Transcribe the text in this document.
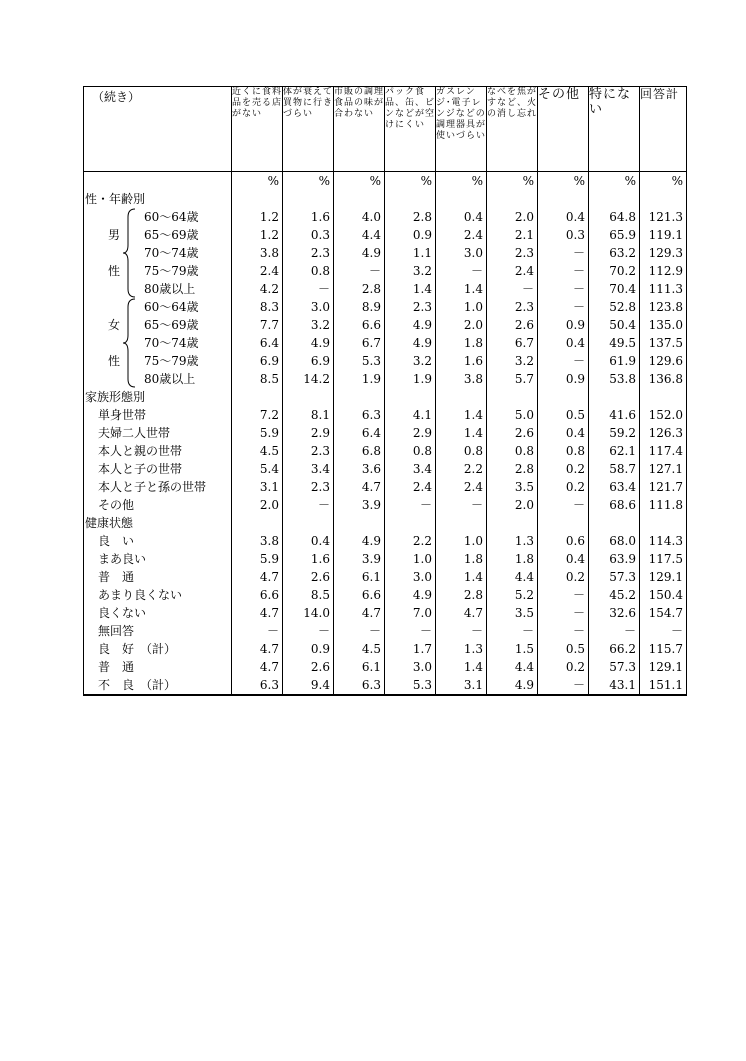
（続き）	近くに食料品を売る店がない	体が衰えて買物に行きづらい	市販の調理食品の味が合わない	パック食品、缶、ビンなどが空けにくい	ガスレンジ･電子レンジなどの調理器具が使いづらい	なべを焦がすなど、火の消し忘れ	その他	特にない	回答計
	%	%	%	%	%	%	%	%	%

性・年齢別									

60～64歳	1.2	1.6	4.0	2.8	0.4	2.0	0.4	64.8	121.3

男 65～69歳	1.2	0.3	4.4	0.9	2.4	2.1	0.3	65.9	119.1

70～74歳	3.8	2.3	4.9	1.1	3.0	2.3	－	63.2	129.3

性 75～79歳	2.4	0.8	－	3.2	－	2.4	－	70.2	112.9

80歳以上	4.2	－	2.8	1.4	1.4	－	－	70.4	111.3

60～64歳	8.3	3.0	8.9	2.3	1.0	2.3	－	52.8	123.8

女 65～69歳	7.7	3.2	6.6	4.9	2.0	2.6	0.9	50.4	135.0

70～74歳	6.4	4.9	6.7	4.9	1.8	6.7	0.4	49.5	137.5

性 75～79歳	6.9	6.9	5.3	3.2	1.6	3.2	－	61.9	129.6

80歳以上	8.5	14.2	1.9	1.9	3.8	5.7	0.9	53.8	136.8

家族形態別									

単身世帯	7.2	8.1	6.3	4.1	1.4	5.0	0.5	41.6	152.0

夫婦二人世帯	5.9	2.9	6.4	2.9	1.4	2.6	0.4	59.2	126.3

本人と親の世帯	4.5	2.3	6.8	0.8	0.8	0.8	0.8	62.1	117.4

本人と子の世帯	5.4	3.4	3.6	3.4	2.2	2.8	0.2	58.7	127.1

本人と子と孫の世帯	3.1	2.3	4.7	2.4	2.4	3.5	0.2	63.4	121.7

その他	2.0	－	3.9	－	－	2.0	－	68.6	111.8

健康状態									

良　い	3.8	0.4	4.9	2.2	1.0	1.3	0.6	68.0	114.3

まあ良い	5.9	1.6	3.9	1.0	1.8	1.8	0.4	63.9	117.5

普　通	4.7	2.6	6.1	3.0	1.4	4.4	0.2	57.3	129.1

あまり良くない	6.6	8.5	6.6	4.9	2.8	5.2	－	45.2	150.4

良くない	4.7	14.0	4.7	7.0	4.7	3.5	－	32.6	154.7

無回答	－	－	－	－	－	－	－	－	－

良　好　（計）	4.7	0.9	4.5	1.7	1.3	1.5	0.5	66.2	115.7

普　通	4.7	2.6	6.1	3.0	1.4	4.4	0.2	57.3	129.1

不　良　（計）	6.3	9.4	6.3	5.3	3.1	4.9	－	43.1	151.1
